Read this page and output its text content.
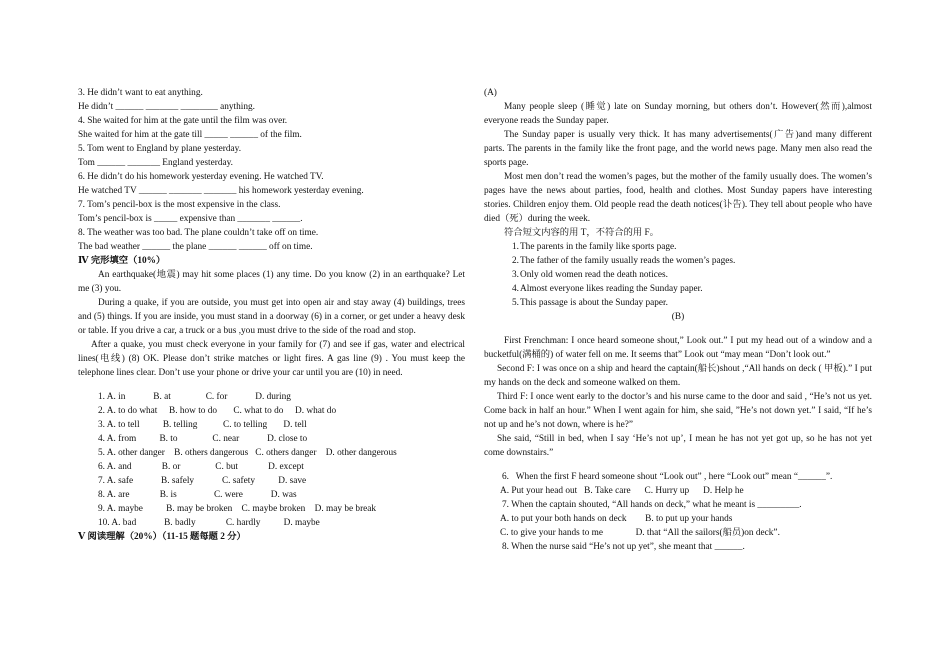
3. He didn’t want to eat anything.
He didn’t ______ _______ ________ anything.
4. She waited for him at the gate until the film was over.
She waited for him at the gate till _____ ______ of the film.
5. Tom went to England by plane yesterday.
Tom ______ _______ England yesterday.
6. He didn’t do his homework yesterday evening. He watched TV.
He watched TV ______ _______ _______ his homework yesterday evening.
7. Tom’s pencil-box is the most expensive in the class.
Tom’s pencil-box is _____ expensive than _______ ______.
8. The weather was too bad. The plane couldn’t take off on time.
The bad weather ______ the plane ______ ______ off on time.
Ⅳ 完形填空（10%）
An earthquake(地震) may hit some places (1) any time. Do you know (2) in an earthquake? Let me (3) you.
During a quake, if you are outside, you must get into open air and stay away (4) buildings, trees and (5) things. If you are inside, you must stand in a doorway (6) in a corner, or get under a heavy desk or table. If you drive a car, a truck or a bus ,you must drive to the side of the road and stop.
After a quake, you must check everyone in your family for (7) and see if gas, water and electrical lines(电线) (8) OK. Please don’t strike matches or light fires. A gas line (9) . You must keep the telephone lines clear. Don’t use your phone or drive your car until you are (10) in need.
1. A. in            B. at               C. for            D. during
2. A. to do what     B. how to do       C. what to do     D. what do
3. A. to tell          B. telling           C. to telling       D. tell
4. A. from          B. to               C. near            D. close to
5. A. other danger    B. others dangerous   C. others danger    D. other dangerous
6. A. and             B. or               C. but             D. except
7. A. safe            B. safely            C. safety          D. save
8. A. are             B. is                C. were            D. was
9. A. maybe          B. may be broken    C. maybe broken    D. may be break
10. A. bad            B. badly             C. hardly          D. maybe
Ⅴ 阅读理解（20%）（11-15 题每题 2 分）
(A)
Many people sleep (睡觉) late on Sunday morning, but others don’t. However(然而),almost everyone reads the Sunday paper.
The Sunday paper is usually very thick. It has many advertisements(广告)and many different parts. The parents in the family like the front page, and the world news page. Many men also read the sports page.
Most men don’t read the women’s pages, but the mother of the family usually does. The women’s pages have the news about parties, food, health and clothes. Most Sunday papers have interesting stories. Children enjoy them. Old people read the death notices(讣告). They tell about people who have died（死）during the week.
符合短文内容的用 T，不符合的用 F。
1. The parents in the family like sports page.
2. The father of the family usually reads the women’s pages.
3. Only old women read the death notices.
4. Almost everyone likes reading the Sunday paper.
5. This passage is about the Sunday paper.
(B)
First Frenchman: I once heard someone shout,” Look out.” I put my head out of a window and a bucketful(满桶的) of water fell on me. It seems that” Look out “may mean “Don’t look out.”
Second F: I was once on a ship and heard the captain(船长)shout ,“All hands on deck ( 甲板).” I put my hands on the deck and someone walked on them.
Third F: I once went early to the doctor’s and his nurse came to the door and said , “He’s not us yet. Come back in half an hour.” When I went again for him, she said, ”He’s not down yet.” I said, “If he’s not up and he’s not down, where is he?”
She said, “Still in bed, when I say ‘He’s not up’, I mean he has not yet got up, so he has not yet come downstairs.”
6.   When the first F heard someone shout “Look out” , here “Look out” mean “______”.
A. Put your head out   B. Take care      C. Hurry up      D. Help he
7. When the captain shouted, “All hands on deck,” what he meant is _________.
A. to put your both hands on deck        B. to put up your hands
C. to give your hands to me              D. that “All the sailors(船员)on deck”.
8. When the nurse said “He’s not up yet”, she meant that ______.
